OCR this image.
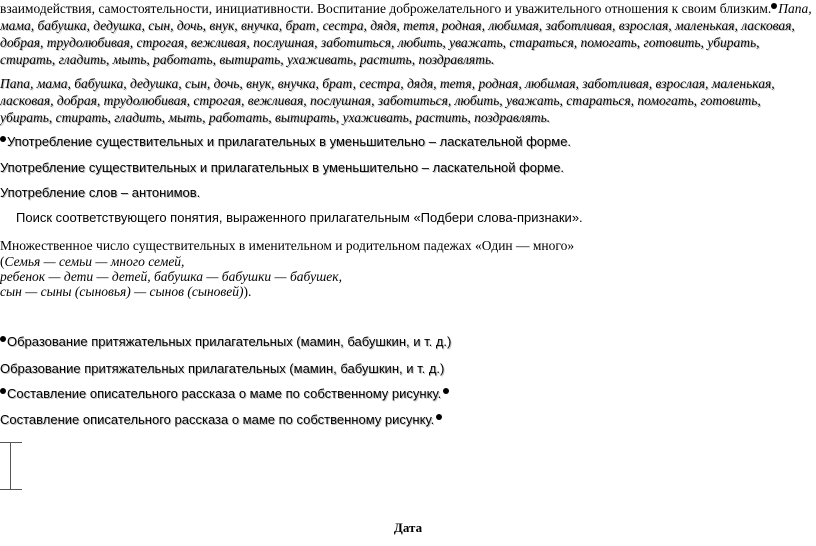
взаимодействия, самостоятельности, инициативности. Воспитание доброжелательного и уважительного отношения к своим близким. Папа,
мама, бабушка, дедушка, сын, дочь, внук, внучка, брат, сестра, дядя, тетя, родная, любимая, заботливая, взрослая, маленькая, ласковая,
добрая, трудолюбивая, строгая, вежливая, послушная, заботиться, любить, уважать, стараться, помогать, готовить, убирать,
стирать, гладить, мыть, работать, вытирать, ухаживать, растить, поздравлять.
Папа, мама, бабушка, дедушка, сын, дочь, внук, внучка, брат, сестра, дядя, тетя, родная, любимая, заботливая, взрослая, маленькая,
ласковая, добрая, трудолюбивая, строгая, вежливая, послушная, заботиться, любить, уважать, стараться, помогать, готовить,
убирать, стирать, гладить, мыть, работать, вытирать, ухаживать, растить, поздравлять.
Употребление существительных и прилагательных в уменьшительно – ласкательной форме.
Употребление существительных и прилагательных в уменьшительно – ласкательной форме.
Употребление слов – антонимов.
Поиск соответствующего понятия, выраженного прилагательным «Подбери слова-признаки».
Множественное число существительных в именительном и родительном падежах «Один — много»
(Семья — семьи — много семей,
ребенок — дети — детей, бабушка — бабушки — бабушек,
сын — сыны (сыновья) — сынов (сыновей)).
Образование притяжательных прилагательных (мамин, бабушкин, и т. д.)
Образование притяжательных прилагательных (мамин, бабушкин, и т. д.)
Составление описательного рассказа о маме по собственному рисунку.
Составление описательного рассказа о маме по собственному рисунку.
Дата
